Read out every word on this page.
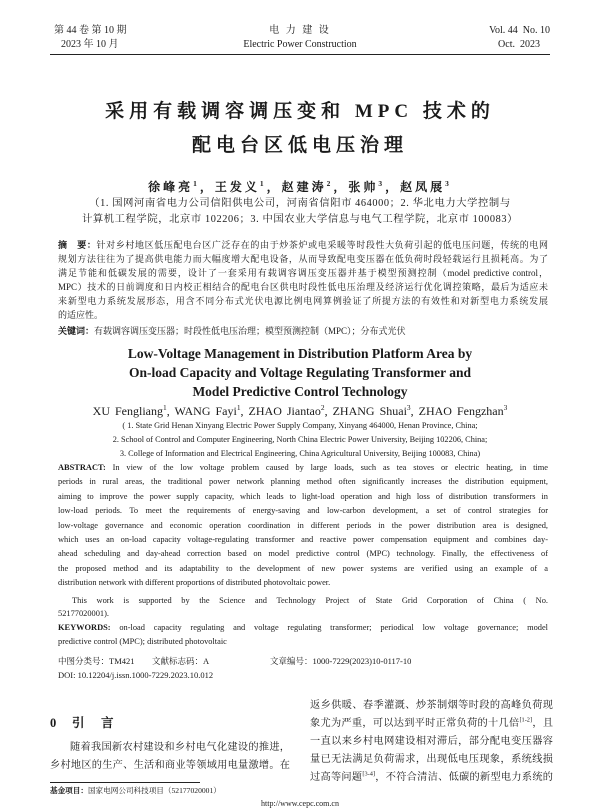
第 44 卷 第 10 期
2023 年 10 月
电 力 建 设
Electric Power Construction
Vol. 44  No. 10
Oct.  2023
采用有载调容调压变和 MPC 技术的
配电台区低电压治理
徐峰亮$^1$，王发义$^1$，赵建涛$^2$，张帅$^3$，赵凤展$^3$
（1. 国网河南省电力公司信阳供电公司，河南省信阳市 464000；2. 华北电力大学控制与
计算机工程学院，北京市 102206；3. 中国农业大学信息与电气工程学院，北京市 100083）
摘　要：针对乡村地区低压配电台区广泛存在的由于炒茶炉或电采暖等时段性大负荷引起的低电压问题，传统的电网
规划方法往往为了提高供电能力而大幅度增大配电设备，从而导致配电变压器在低负荷时段轻载运行且损耗高。为了
满足节能和低碳发展的需要，设计了一套采用有载调容调压变压器并基于模型预测控制（model predictive control，
MPC）技术的日前调度和日内校正相结合的配电台区供电时段性低电压治理及经济运行优化调控策略，最后为适应未
来新型电力系统发展形态，用含不同分布式光伏电源比例电网算例验证了所提方法的有效性和对新型电力系统发展
的适应性。
关键词：有载调容调压变压器；时段性低电压治理；模型预测控制（MPC）；分布式光伏
Low-Voltage Management in Distribution Platform Area by
On-load Capacity and Voltage Regulating Transformer and
Model Predictive Control Technology
XU Fengliang$^1$, WANG Fayi$^1$, ZHAO Jiantao$^2$, ZHANG Shuai$^3$, ZHAO Fengzhan$^3$
( 1. State Grid Henan Xinyang Electric Power Supply Company, Xinyang 464000, Henan Province, China;
2. School of Control and Computer Engineering, North China Electric Power University, Beijing 102206, China;
3. College of Information and Electrical Engineering, China Agricultural University, Beijing 100083, China)
ABSTRACT: In view of the low voltage problem caused by large loads, such as tea stoves or electric heating, in time
periods in rural areas, the traditional power network planning method often significantly increases the distribution equipment,
aiming to improve the power supply capacity, which leads to light-load operation and high loss of distribution transformers in
low-load periods. To meet the requirements of energy-saving and low-carbon development, a set of control strategies for
low-voltage governance and economic operation coordination in different periods in the power distribution area is designed,
which uses an on-load capacity voltage-regulating transformer and reactive power compensation equipment and combines day-
ahead scheduling and day-ahead correction based on model predictive control (MPC) technology. Finally, the effectiveness of
the proposed method and its adaptability to the development of new power systems are verified using an example of a
distribution network with different proportions of distributed photovoltaic power.
This work is supported by the Science and Technology Project of State Grid Corporation of China ( No.
52177020001).
KEYWORDS: on-load capacity regulating and voltage regulating transformer; periodical low voltage governance; model
predictive control (MPC); distributed photovoltaic
中图分类号：TM421 文献标志码：A	文章编号：1000-7229(2023)10-0117-10
DOI: 10.12204/j.issn.1000-7229.2023.10.012
0 引　言
随着我国新农村建设和乡村电气化建设的推进，
乡村地区的生产、生活和商业等领域用电量激增。在
返乡供暖、春季灌溉、炒茶制烟等时段的高峰负荷现
象尤为严重，可以达到平时正常负荷的十几倍[1-2]，且
一直以来乡村电网建设相对滞后，部分配电变压器容
量已无法满足负荷需求，出现低电压现象，系统线损
过高等问题[3-4]，不符合清洁、低碳的新型电力系统的
基金项目：国家电网公司科技项目（52177020001）
http://www.cepc.com.cn
